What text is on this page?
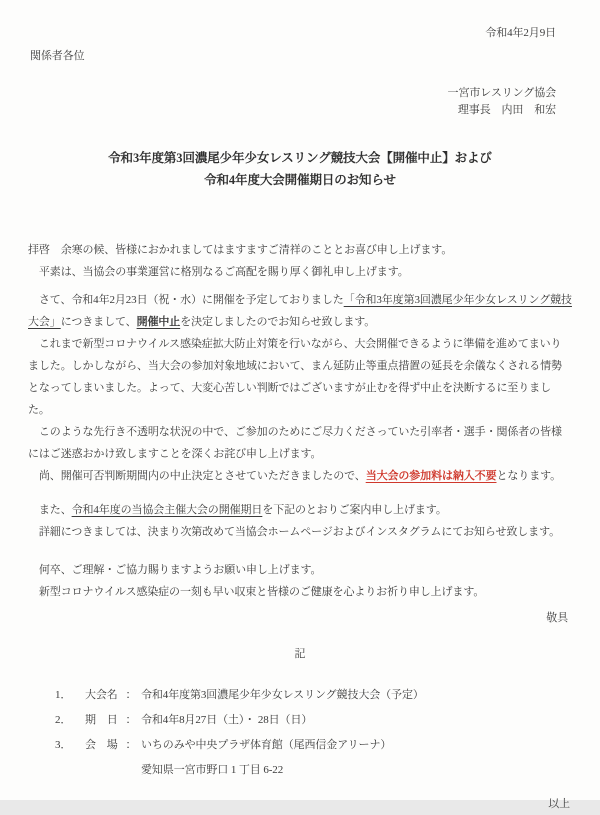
令和4年2月9日
関係者各位
一宮市レスリング協会
理事長　内田　和宏
令和3年度第3回濃尾少年少女レスリング競技大会【開催中止】および
令和4年度大会開催期日のお知らせ

拝啓　余寒の候、皆様におかれましてはますますご清祥のこととお喜び申し上げます。

　平素は、当協会の事業運営に格別なるご高配を賜り厚く御礼申し上げます。

　さて、令和4年2月23日（祝・水）に開催を予定しておりました「令和3年度第3回濃尾少年少女レスリング競技大会」につきまして、開催中止を決定しましたのでお知らせ致します。

　これまで新型コロナウイルス感染症拡大防止対策を行いながら、大会開催できるように準備を進めてまいりました。しかしながら、当大会の参加対象地域において、まん延防止等重点措置の延長を余儀なくされる情勢となってしまいました。よって、大変心苦しい判断ではございますが止むを得ず中止を決断するに至りました。

　このような先行き不透明な状況の中で、ご参加のためにご尽力くださっていた引率者・選手・関係者の皆様にはご迷惑おかけ致しますことを深くお詫び申し上げます。

　尚、開催可否判断期間内の中止決定とさせていただきましたので、当大会の参加料は納入不要となります。

　また、令和4年度の当協会主催大会の開催期日を下記のとおりご案内申し上げます。

　詳細につきましては、決まり次第改めて当協会ホームページおよびインスタグラムにてお知らせ致します。

　何卒、ご理解・ご協力賜りますようお願い申し上げます。

　新型コロナウイルス感染症の一刻も早い収束と皆様のご健康を心よりお祈り申し上げます。

敬具
記
1．	大会名 ： 令和4年度第3回濃尾少年少女レスリング競技大会（予定）
2．	期　日 ： 令和4年8月27日（土）・ 28日（日）
3．	会　場 ： いちのみや中央プラザ体育館（尾西信金アリーナ）
愛知県一宮市野口 1 丁目 6-22
以上
